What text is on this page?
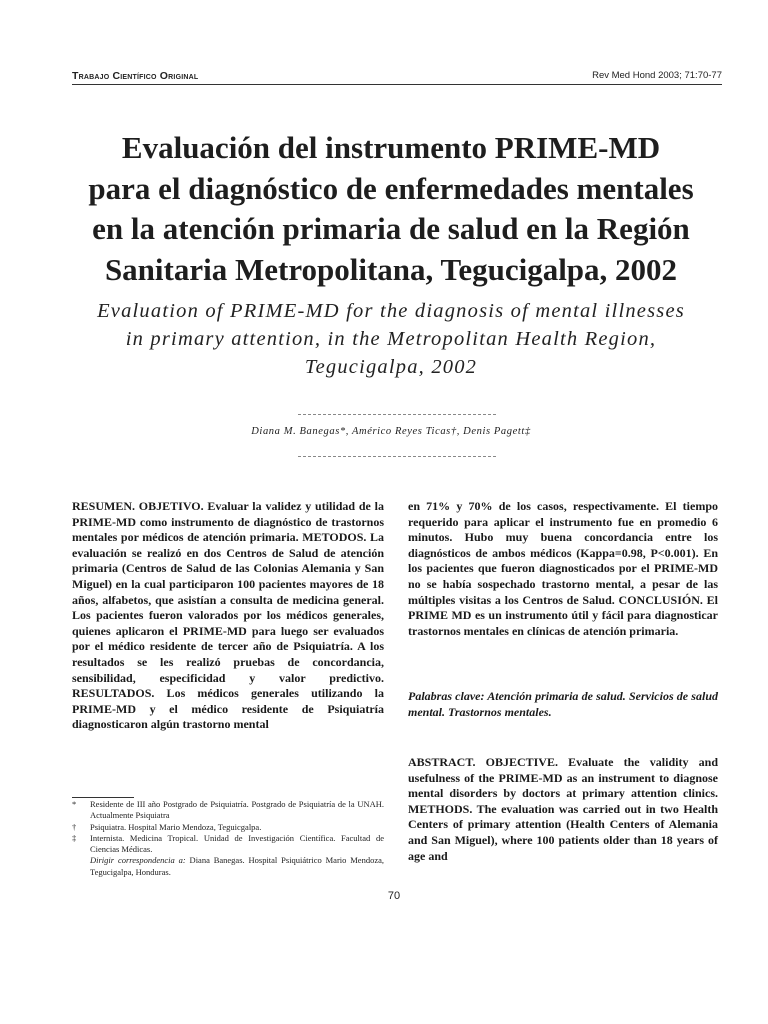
Trabajo Científico Original	Rev Med Hond 2003; 71:70-77
Evaluación del instrumento PRIME-MD
para el diagnóstico de enfermedades mentales
en la atención primaria de salud en la Región
Sanitaria Metropolitana, Tegucigalpa, 2002
Evaluation of PRIME-MD for the diagnosis of mental illnesses
in primary attention, in the Metropolitan Health Region,
Tegucigalpa, 2002
Diana M. Banegas*, Américo Reyes Ticas†, Denis Pagett‡
RESUMEN. OBJETIVO. Evaluar la validez y utilidad de la PRIME-MD como instrumento de diagnóstico de trastornos mentales por médicos de atención primaria. METODOS. La evaluación se realizó en dos Centros de Salud de atención primaria (Centros de Salud de las Colonias Alemania y San Miguel) en la cual participaron 100 pacientes mayores de 18 años, alfabetos, que asistían a consulta de medicina general. Los pacientes fueron valorados por los médicos generales, quienes aplicaron el PRIME-MD para luego ser evaluados por el médico residente de tercer año de Psiquiatría. A los resultados se les realizó pruebas de concordancia, sensibilidad, especificidad y valor predictivo. RESULTADOS. Los médicos generales utilizando la PRIME-MD y el médico residente de Psiquiatría diagnosticaron algún trastorno mental
en 71% y 70% de los casos, respectivamente. El tiempo requerido para aplicar el instrumento fue en promedio 6 minutos. Hubo muy buena concordancia entre los diagnósticos de ambos médicos (Kappa=0.98, P<0.001). En los pacientes que fueron diagnosticados por el PRIME-MD no se había sospechado trastorno mental, a pesar de las múltiples visitas a los Centros de Salud. CONCLUSIÓN. El PRIME MD es un instrumento útil y fácil para diagnosticar trastornos mentales en clínicas de atención primaria.
Palabras clave: Atención primaria de salud. Servicios de salud mental. Trastornos mentales.
ABSTRACT. OBJECTIVE. Evaluate the validity and usefulness of the PRIME-MD as an instrument to diagnose mental disorders by doctors at primary attention clinics. METHODS. The evaluation was carried out in two Health Centers of primary attention (Health Centers of Alemania and San Miguel), where 100 patients older than 18 years of age and
*	Residente de III año Postgrado de Psiquiatría. Postgrado de Psiquiatría de la UNAH. Actualmente Psiquiatra
†	Psiquiatra. Hospital Mario Mendoza, Teguicgalpa.
‡	Internista. Medicina Tropical. Unidad de Investigación Científica. Facultad de Ciencias Médicas.
Dirigir correspondencia a: Diana Banegas. Hospital Psiquiátrico Mario Mendoza, Tegucigalpa, Honduras.
70
